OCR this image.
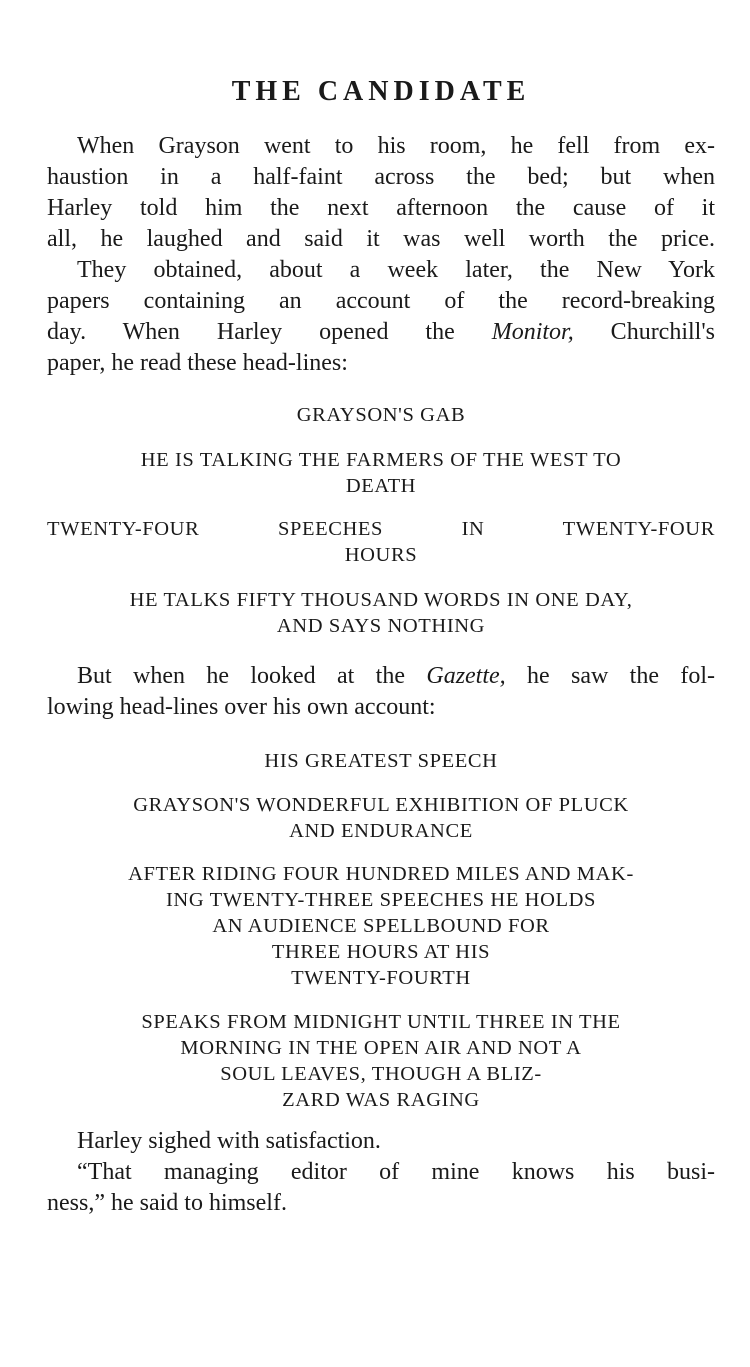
THE CANDIDATE
When Grayson went to his room, he fell from ex-
haustion in a half-faint across the bed; but when
Harley told him the next afternoon the cause of it
all, he laughed and said it was well worth the price.
They obtained, about a week later, the New York
papers containing an account of the record-breaking
day. When Harley opened the Monitor, Churchill's
paper, he read these head-lines:
GRAYSON'S GAB
HE IS TALKING THE FARMERS OF THE WEST TO
DEATH
TWENTY-FOUR SPEECHES IN TWENTY-FOUR
HOURS
HE TALKS FIFTY THOUSAND WORDS IN ONE DAY,
AND SAYS NOTHING
But when he looked at the Gazette, he saw the fol-
lowing head-lines over his own account:
HIS GREATEST SPEECH
GRAYSON'S WONDERFUL EXHIBITION OF PLUCK
AND ENDURANCE
AFTER RIDING FOUR HUNDRED MILES AND MAK-
ING TWENTY-THREE SPEECHES HE HOLDS
AN AUDIENCE SPELLBOUND FOR
THREE HOURS AT HIS
TWENTY-FOURTH
SPEAKS FROM MIDNIGHT UNTIL THREE IN THE
MORNING IN THE OPEN AIR AND NOT A
SOUL LEAVES, THOUGH A BLIZ-
ZARD WAS RAGING
Harley sighed with satisfaction.
“That managing editor of mine knows his busi-
ness,” he said to himself.
